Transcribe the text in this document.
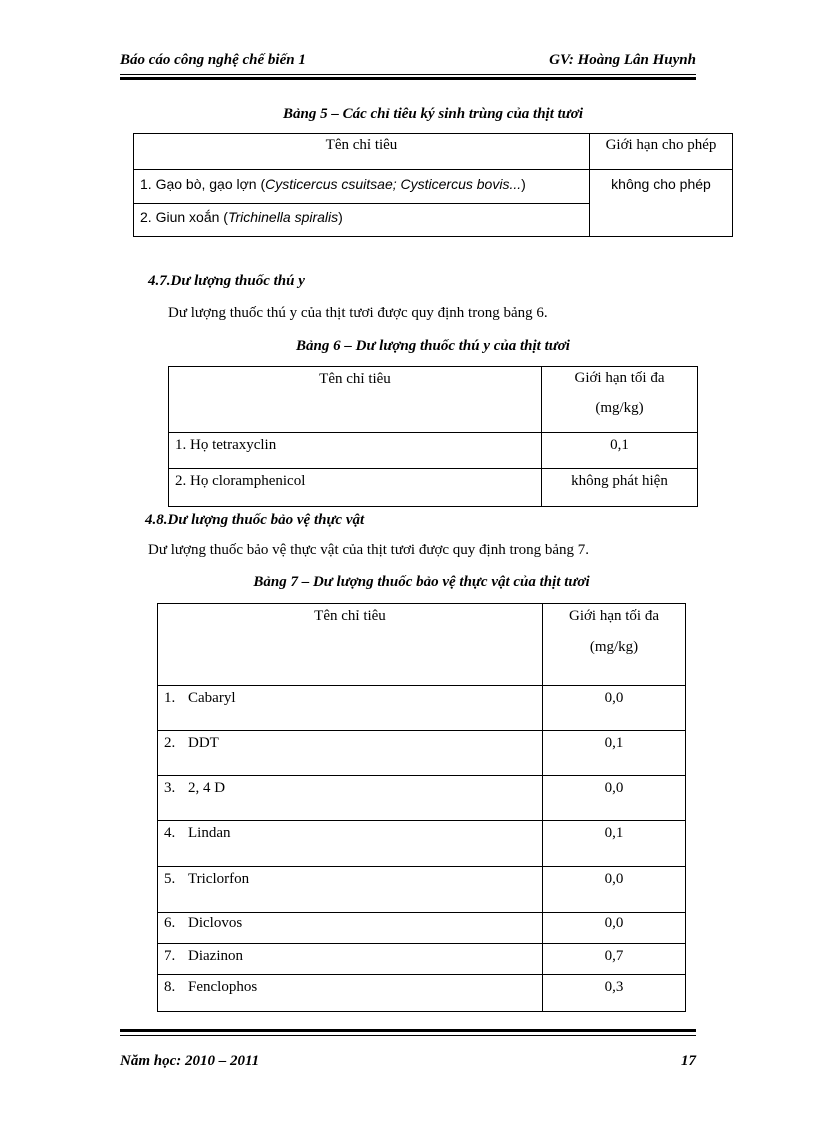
Báo cáo công nghệ chế biến 1	GV: Hoàng Lân Huynh
Bảng 5 – Các chỉ tiêu ký sinh trùng của thịt tươi
Tên chỉ tiêu	Giới hạn cho phép
1. Gạo bò, gạo lợn (Cysticercus csuitsae; Cysticercus bovis...)	không cho phép
2. Giun xoắn (Trichinella spiralis)	
4.7.Dư lượng thuốc thú y
Dư lượng thuốc thú y của thịt tươi được quy định trong bảng 6.
Bảng 6 – Dư lượng thuốc thú y của thịt tươi
Tên chỉ tiêu	Giới hạn tối đa
(mg/kg)

1. Họ tetraxyclin	0,1
2. Họ cloramphenicol	không phát hiện
4.8.Dư lượng thuốc bảo vệ thực vật
Dư lượng thuốc bảo vệ thực vật của thịt tươi được quy định trong bảng 7.
Bảng 7 – Dư lượng thuốc bảo vệ thực vật của thịt tươi
Tên chỉ tiêu	Giới hạn tối đa
(mg/kg)

1. Cabaryl	0,0
2. DDT	0,1
3. 2, 4 D	0,0
4. Lindan	0,1
5. Triclorfon	0,0
6. Diclovos	0,0
7. Diazinon	0,7
8. Fenclophos	0,3
Năm học: 2010 – 2011	17
